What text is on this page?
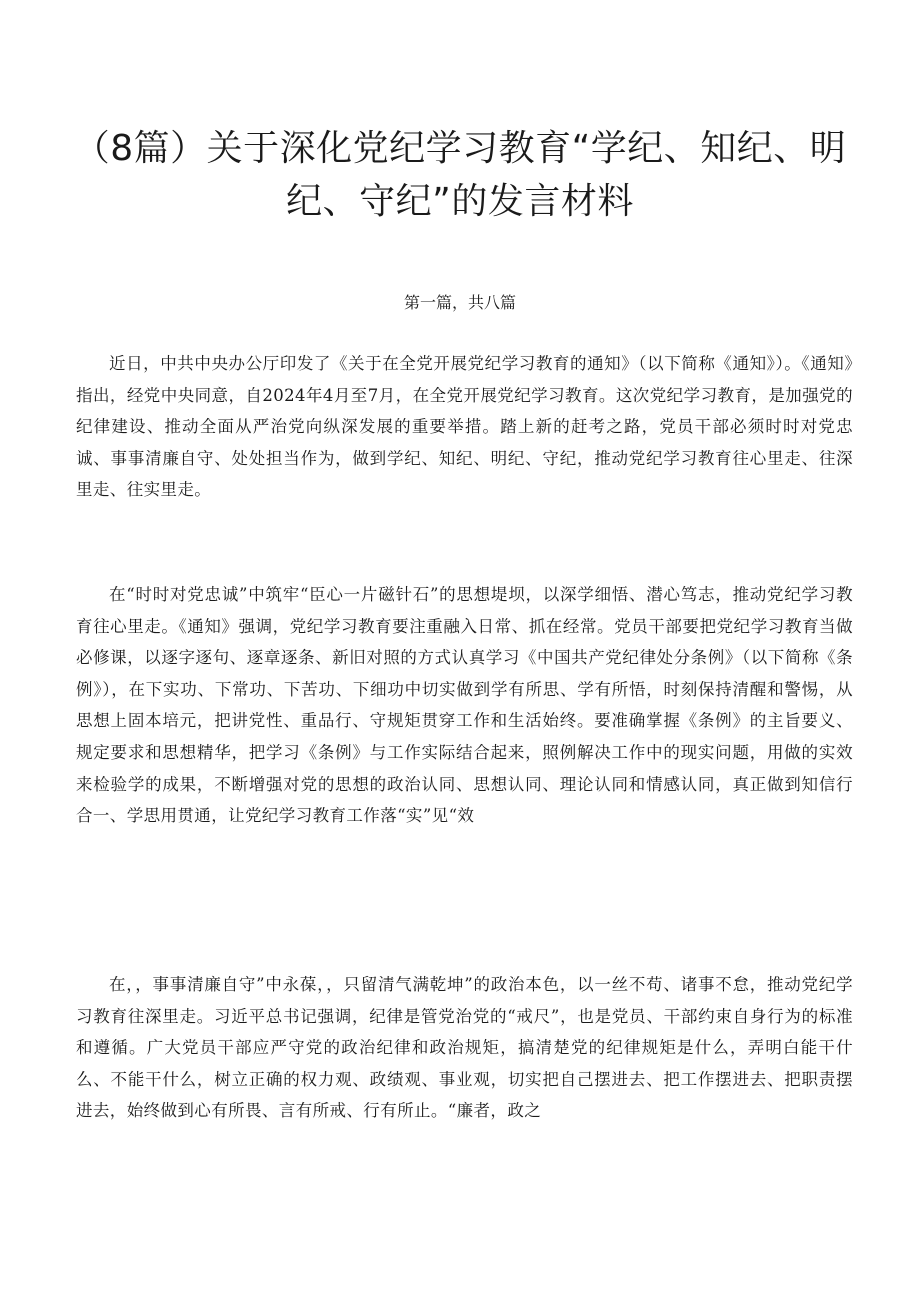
（8篇）关于深化党纪学习教育“学纪、知纪、明纪、守纪”的发言材料

第一篇，共八篇

近日，中共中央办公厅印发了《关于在全党开展党纪学习教育的通知》（以下简称《通知》）。《通知》指出，经党中央同意，自2024年4月至7月，在全党开展党纪学习教育。这次党纪学习教育，是加强党的纪律建设、推动全面从严治党向纵深发展的重要举措。踏上新的赶考之路，党员干部必须时时对党忠诚、事事清廉自守、处处担当作为，做到学纪、知纪、明纪、守纪，推动党纪学习教育往心里走、往深里走、往实里走。

在“时时对党忠诚”中筑牢“臣心一片磁针石”的思想堤坝，以深学细悟、潜心笃志，推动党纪学习教育往心里走。《通知》强调，党纪学习教育要注重融入日常、抓在经常。党员干部要把党纪学习教育当做必修课，以逐字逐句、逐章逐条、新旧对照的方式认真学习《中国共产党纪律处分条例》（以下简称《条例》），在下实功、下常功、下苦功、下细功中切实做到学有所思、学有所悟，时刻保持清醒和警惕，从思想上固本培元，把讲党性、重品行、守规矩贯穿工作和生活始终。要准确掌握《条例》的主旨要义、规定要求和思想精华，把学习《条例》与工作实际结合起来，照例解决工作中的现实问题，用做的实效来检验学的成果，不断增强对党的思想的政治认同、思想认同、理论认同和情感认同，真正做到知信行合一、学思用贯通，让党纪学习教育工作落“实”见“效

在，，事事清廉自守”中永葆，，只留清气满乾坤”的政治本色，以一丝不苟、诸事不怠，推动党纪学习教育往深里走。习近平总书记强调，纪律是管党治党的“戒尺”，也是党员、干部约束自身行为的标准和遵循。广大党员干部应严守党的政治纪律和政治规矩，搞清楚党的纪律规矩是什么，弄明白能干什么、不能干什么，树立正确的权力观、政绩观、事业观，切实把自己摆进去、把工作摆进去、把职责摆进去，始终做到心有所畏、言有所戒、行有所止。“廉者，政之
